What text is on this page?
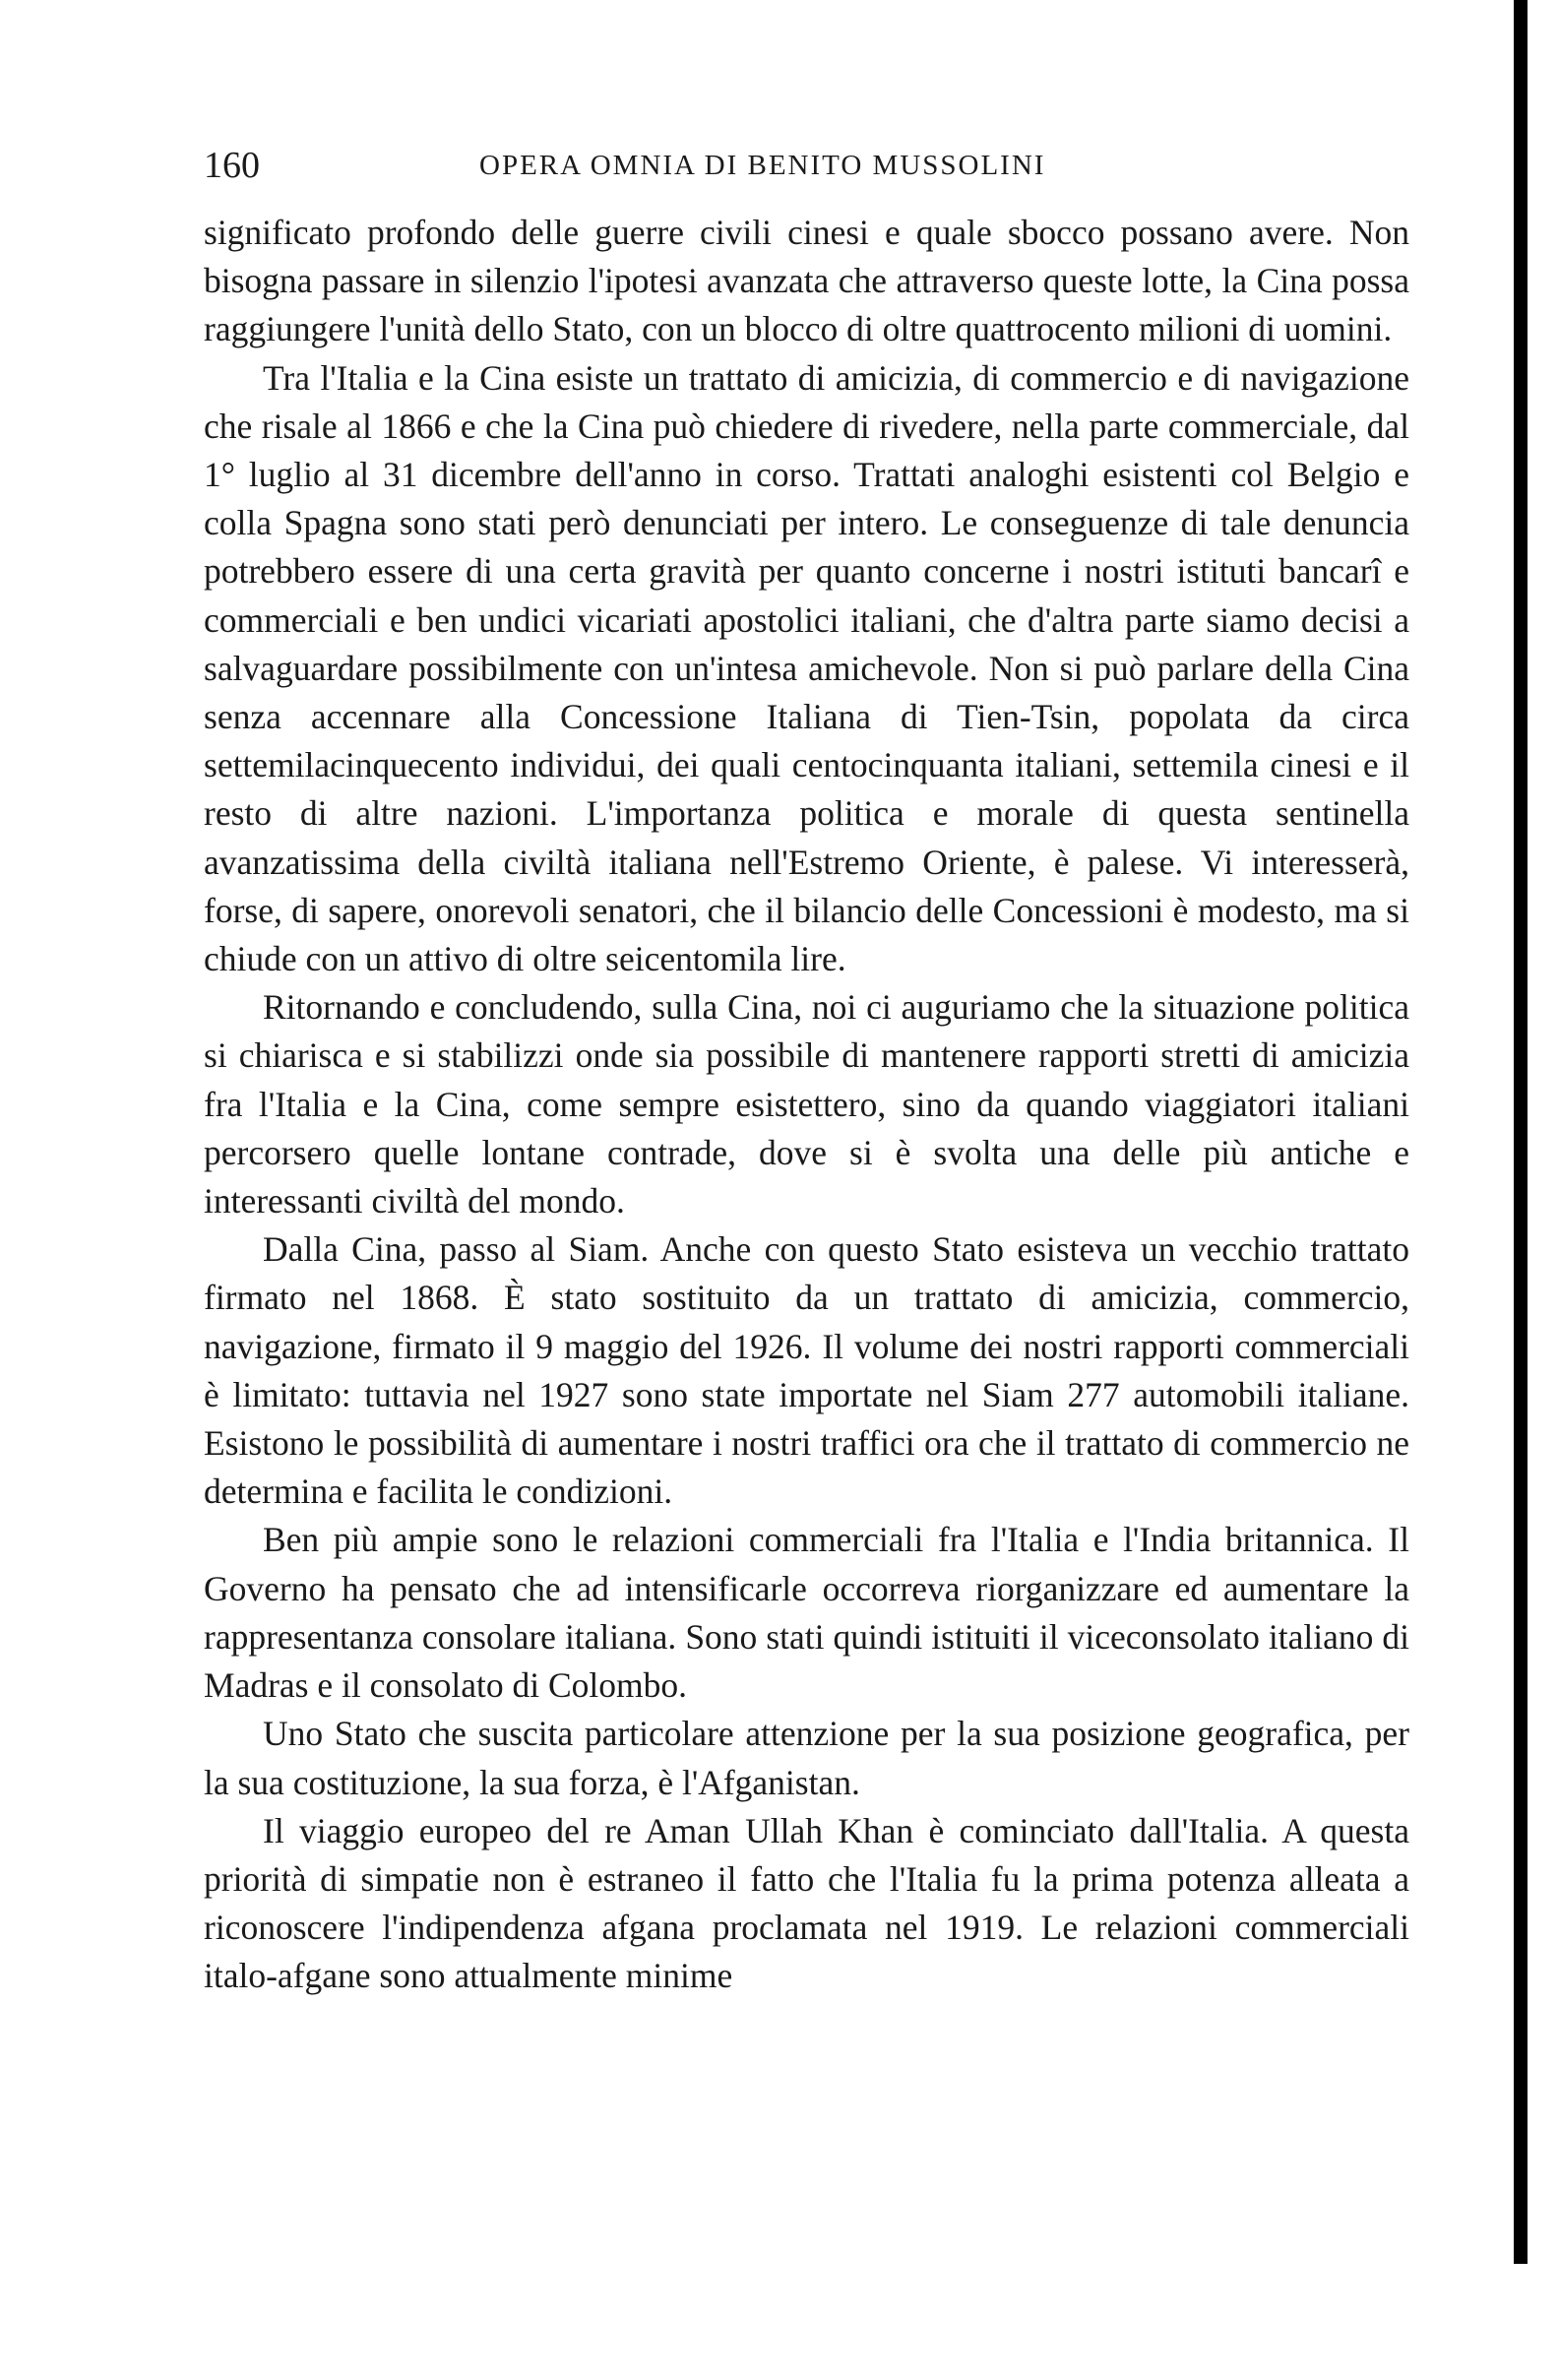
160	OPERA OMNIA DI BENITO MUSSOLINI

significato profondo delle guerre civili cinesi e quale sbocco possano avere. Non bisogna passare in silenzio l'ipotesi avanzata che attraverso queste lotte, la Cina possa raggiungere l'unità dello Stato, con un blocco di oltre quattrocento milioni di uomini.

Tra l'Italia e la Cina esiste un trattato di amicizia, di commercio e di navigazione che risale al 1866 e che la Cina può chiedere di rivedere, nella parte commerciale, dal 1° luglio al 31 dicembre dell'anno in corso. Trattati analoghi esistenti col Belgio e colla Spagna sono stati però denunciati per intero. Le conseguenze di tale denuncia potrebbero essere di una certa gravità per quanto concerne i nostri istituti bancarî e commerciali e ben undici vicariati apostolici italiani, che d'altra parte siamo decisi a salvaguardare possibilmente con un'intesa amichevole. Non si può parlare della Cina senza accennare alla Concessione Italiana di Tien-Tsin, popolata da circa settemilacinquecento individui, dei quali centocinquanta italiani, settemila cinesi e il resto di altre nazioni. L'importanza politica e morale di questa sentinella avanzatissima della civiltà italiana nell'Estremo Oriente, è palese. Vi interesserà, forse, di sapere, onorevoli senatori, che il bilancio delle Concessioni è modesto, ma si chiude con un attivo di oltre seicentomila lire.

Ritornando e concludendo, sulla Cina, noi ci auguriamo che la situazione politica si chiarisca e si stabilizzi onde sia possibile di mantenere rapporti stretti di amicizia fra l'Italia e la Cina, come sempre esistettero, sino da quando viaggiatori italiani percorsero quelle lontane contrade, dove si è svolta una delle più antiche e interessanti civiltà del mondo.

Dalla Cina, passo al Siam. Anche con questo Stato esisteva un vecchio trattato firmato nel 1868. È stato sostituito da un trattato di amicizia, commercio, navigazione, firmato il 9 maggio del 1926. Il volume dei nostri rapporti commerciali è limitato: tuttavia nel 1927 sono state importate nel Siam 277 automobili italiane. Esistono le possibilità di aumentare i nostri traffici ora che il trattato di commercio ne determina e facilita le condizioni.

Ben più ampie sono le relazioni commerciali fra l'Italia e l'India britannica. Il Governo ha pensato che ad intensificarle occorreva riorganizzare ed aumentare la rappresentanza consolare italiana. Sono stati quindi istituiti il viceconsolato italiano di Madras e il consolato di Colombo.

Uno Stato che suscita particolare attenzione per la sua posizione geografica, per la sua costituzione, la sua forza, è l'Afganistan.

Il viaggio europeo del re Aman Ullah Khan è cominciato dall'Italia. A questa priorità di simpatie non è estraneo il fatto che l'Italia fu la prima potenza alleata a riconoscere l'indipendenza afgana proclamata nel 1919. Le relazioni commerciali italo-afgane sono attualmente minime
